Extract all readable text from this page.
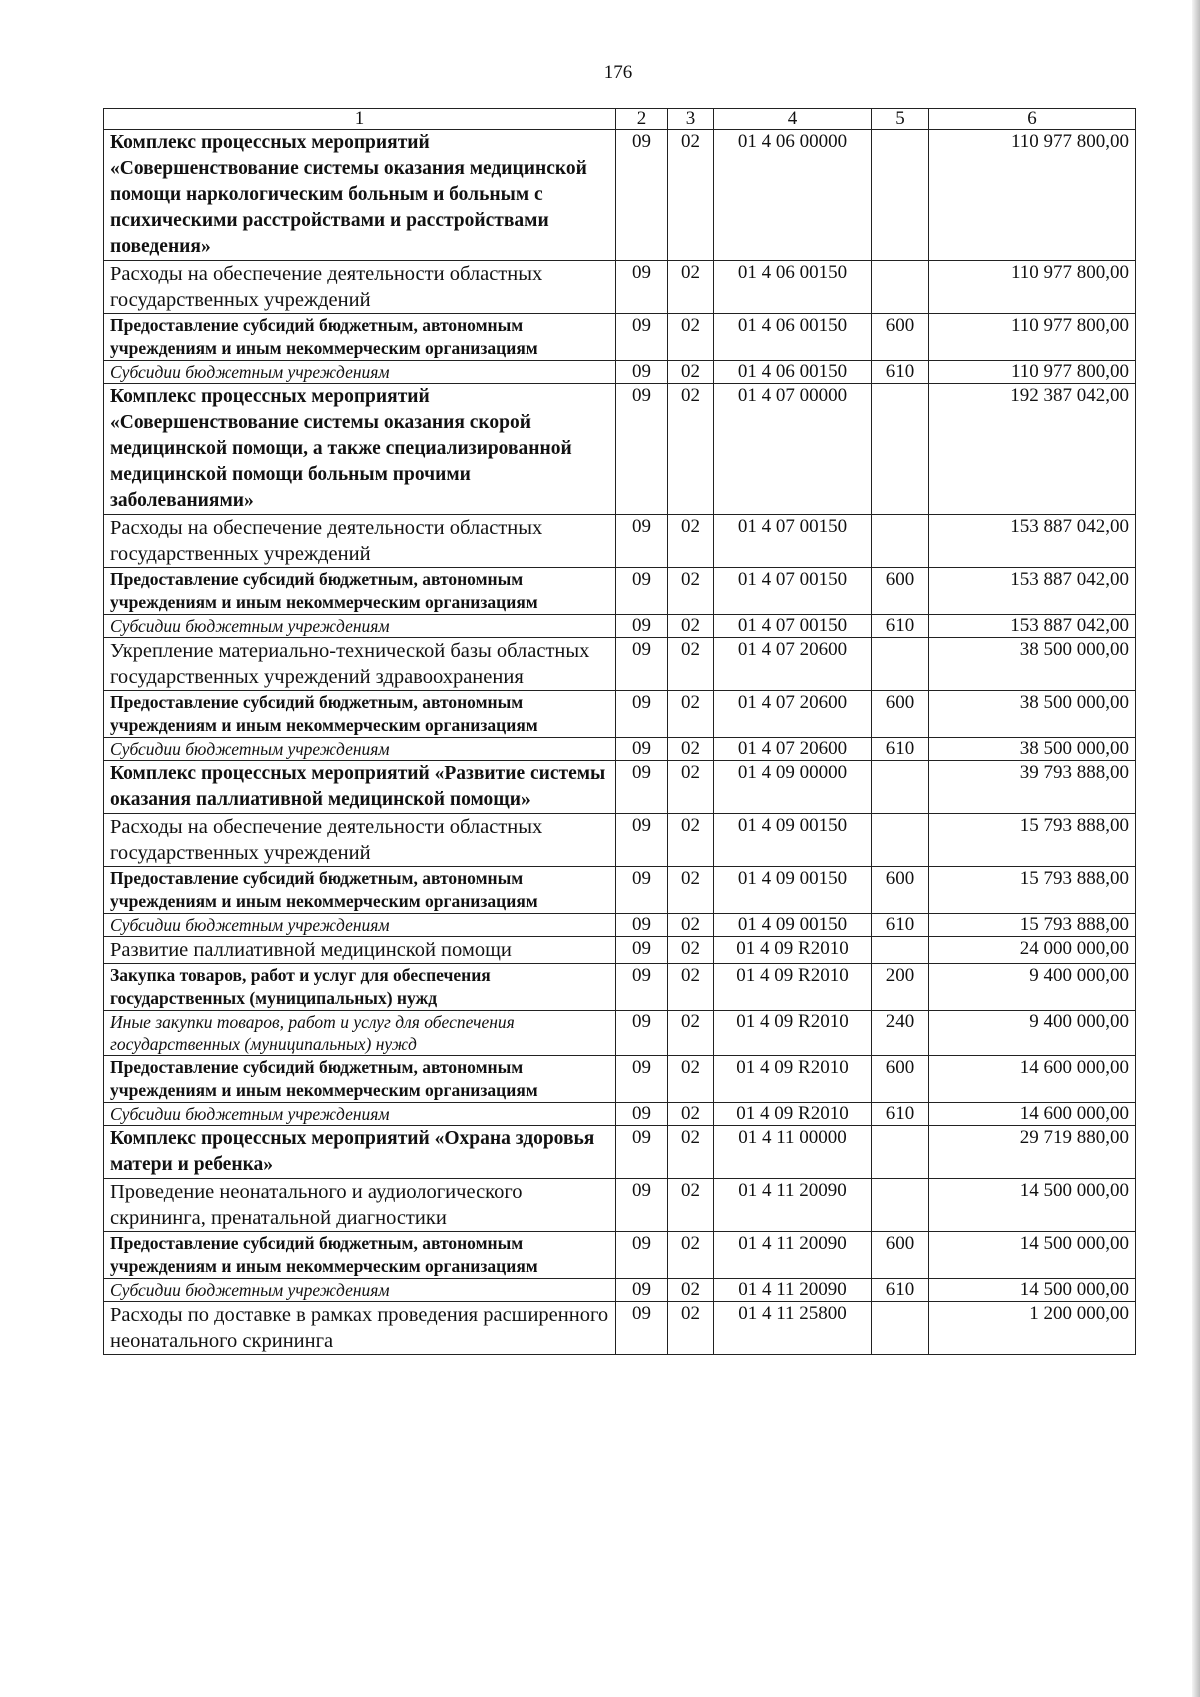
176
1	2	3	4	5	6
Комплекс процессных мероприятий «Совершенствование системы оказания медицинской помощи наркологическим больным и больным с психическими расстройствами и расстройствами поведения»	09	02	01 4 06 00000		110 977 800,00
Расходы на обеспечение деятельности областных государственных учреждений	09	02	01 4 06 00150		110 977 800,00
Предоставление субсидий бюджетным, автономным учреждениям и иным некоммерческим организациям	09	02	01 4 06 00150	600	110 977 800,00
Субсидии бюджетным учреждениям	09	02	01 4 06 00150	610	110 977 800,00
Комплекс процессных мероприятий «Совершенствование системы оказания скорой медицинской помощи, а также специализированной медицинской помощи больным прочими заболеваниями»	09	02	01 4 07 00000		192 387 042,00
Расходы на обеспечение деятельности областных государственных учреждений	09	02	01 4 07 00150		153 887 042,00
Предоставление субсидий бюджетным, автономным учреждениям и иным некоммерческим организациям	09	02	01 4 07 00150	600	153 887 042,00
Субсидии бюджетным учреждениям	09	02	01 4 07 00150	610	153 887 042,00
Укрепление материально-технической базы областных государственных учреждений здравоохранения	09	02	01 4 07 20600		38 500 000,00
Предоставление субсидий бюджетным, автономным учреждениям и иным некоммерческим организациям	09	02	01 4 07 20600	600	38 500 000,00
Субсидии бюджетным учреждениям	09	02	01 4 07 20600	610	38 500 000,00
Комплекс процессных мероприятий «Развитие системы оказания паллиативной медицинской помощи»	09	02	01 4 09 00000		39 793 888,00
Расходы на обеспечение деятельности областных государственных учреждений	09	02	01 4 09 00150		15 793 888,00
Предоставление субсидий бюджетным, автономным учреждениям и иным некоммерческим организациям	09	02	01 4 09 00150	600	15 793 888,00
Субсидии бюджетным учреждениям	09	02	01 4 09 00150	610	15 793 888,00
Развитие паллиативной медицинской помощи	09	02	01 4 09 R2010		24 000 000,00
Закупка товаров, работ и услуг для обеспечения государственных (муниципальных) нужд	09	02	01 4 09 R2010	200	9 400 000,00
Иные закупки товаров, работ и услуг для обеспечения государственных (муниципальных) нужд	09	02	01 4 09 R2010	240	9 400 000,00
Предоставление субсидий бюджетным, автономным учреждениям и иным некоммерческим организациям	09	02	01 4 09 R2010	600	14 600 000,00
Субсидии бюджетным учреждениям	09	02	01 4 09 R2010	610	14 600 000,00
Комплекс процессных мероприятий «Охрана здоровья матери и ребенка»	09	02	01 4 11 00000		29 719 880,00
Проведение неонатального и аудиологического скрининга, пренатальной диагностики	09	02	01 4 11 20090		14 500 000,00
Предоставление субсидий бюджетным, автономным учреждениям и иным некоммерческим организациям	09	02	01 4 11 20090	600	14 500 000,00
Субсидии бюджетным учреждениям	09	02	01 4 11 20090	610	14 500 000,00
Расходы по доставке в рамках проведения расширенного неонатального скрининга	09	02	01 4 11 25800		1 200 000,00
